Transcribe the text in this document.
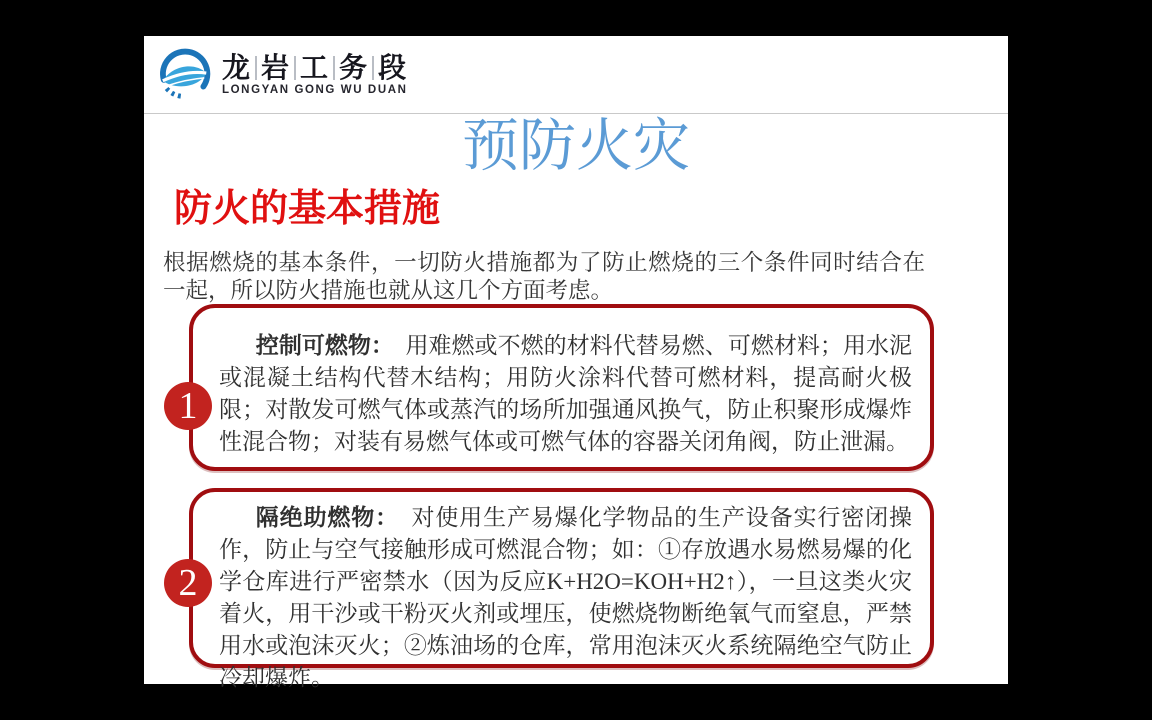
龙 岩 工 务 段
LONGYAN GONG WU DUAN
预防火灾
防火的基本措施
根据燃烧的基本条件，一切防火措施都为了防止燃烧的三个条件同时结合在一起，所以防火措施也就从这几个方面考虑。

控制可燃物： 用难燃或不燃的材料代替易燃、可燃材料；用水泥或混凝土结构代替木结构；用防火涂料代替可燃材料，提高耐火极限；对散发可燃气体或蒸汽的场所加强通风换气，防止积聚形成爆炸性混合物；对装有易燃气体或可燃气体的容器关闭角阀，防止泄漏。

隔绝助燃物： 对使用生产易爆化学物品的生产设备实行密闭操作，防止与空气接触形成可燃混合物；如：①存放遇水易燃易爆的化学仓库进行严密禁水（因为反应K+H2O=KOH+H2↑），一旦这类火灾着火，用干沙或干粉灭火剂或埋压，使燃烧物断绝氧气而窒息，严禁用水或泡沫灭火；②炼油场的仓库，常用泡沫灭火系统隔绝空气防止冷却爆炸。

1
2
